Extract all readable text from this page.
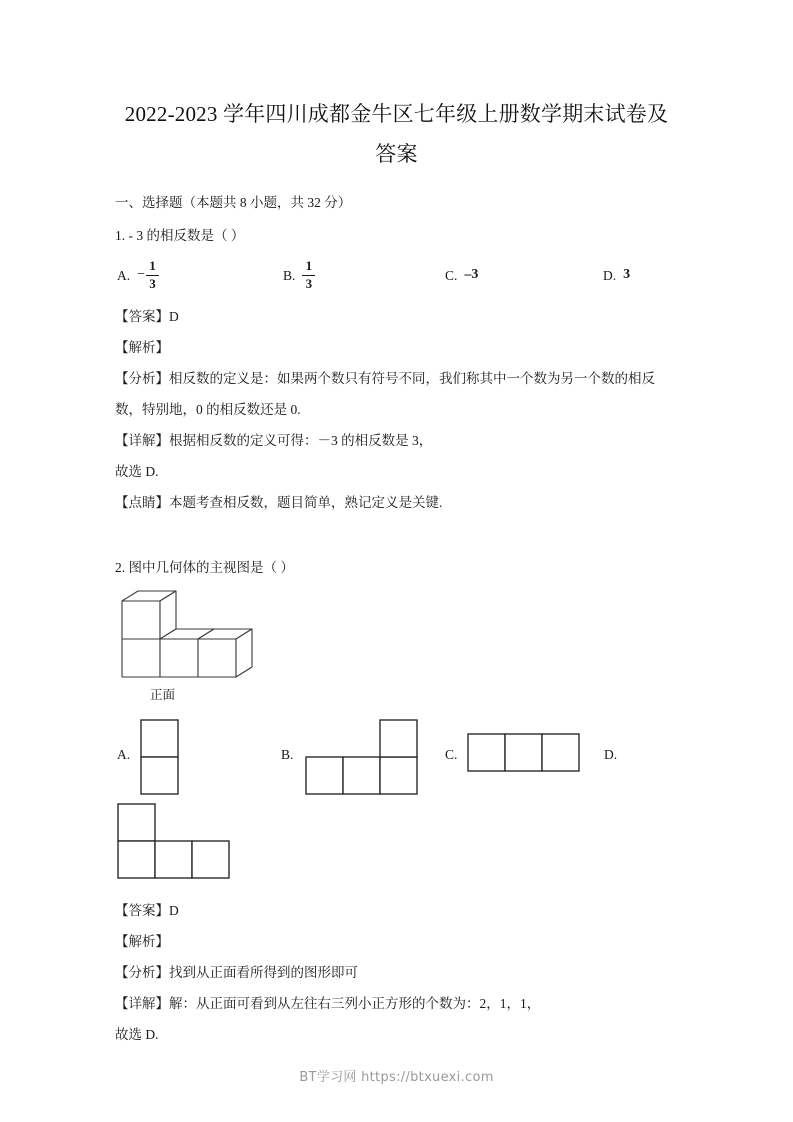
2022-2023 学年四川成都金牛区七年级上册数学期末试卷及
答案
一、选择题（本题共 8 小题，共 32 分）
1. - 3 的相反数是（ ）
A. − $\frac{1}{3}$	B. $\frac{1}{3}$	C. –3	D. 3
【答案】D
【解析】
【分析】相反数的定义是：如果两个数只有符号不同，我们称其中一个数为另一个数的相反
数，特别地，0 的相反数还是 0.
【详解】根据相反数的定义可得：－3 的相反数是 3，
故选 D.
【点睛】本题考查相反数，题目简单，熟记定义是关键.
2. 图中几何体的主视图是（ ）
正面
A.	B.	C.	D.
【答案】D
【解析】
【分析】找到从正面看所得到的图形即可
【详解】解：从正面可看到从左往右三列小正方形的个数为：2，1，1，
故选 D.
BT学习网 https://btxuexi.com
